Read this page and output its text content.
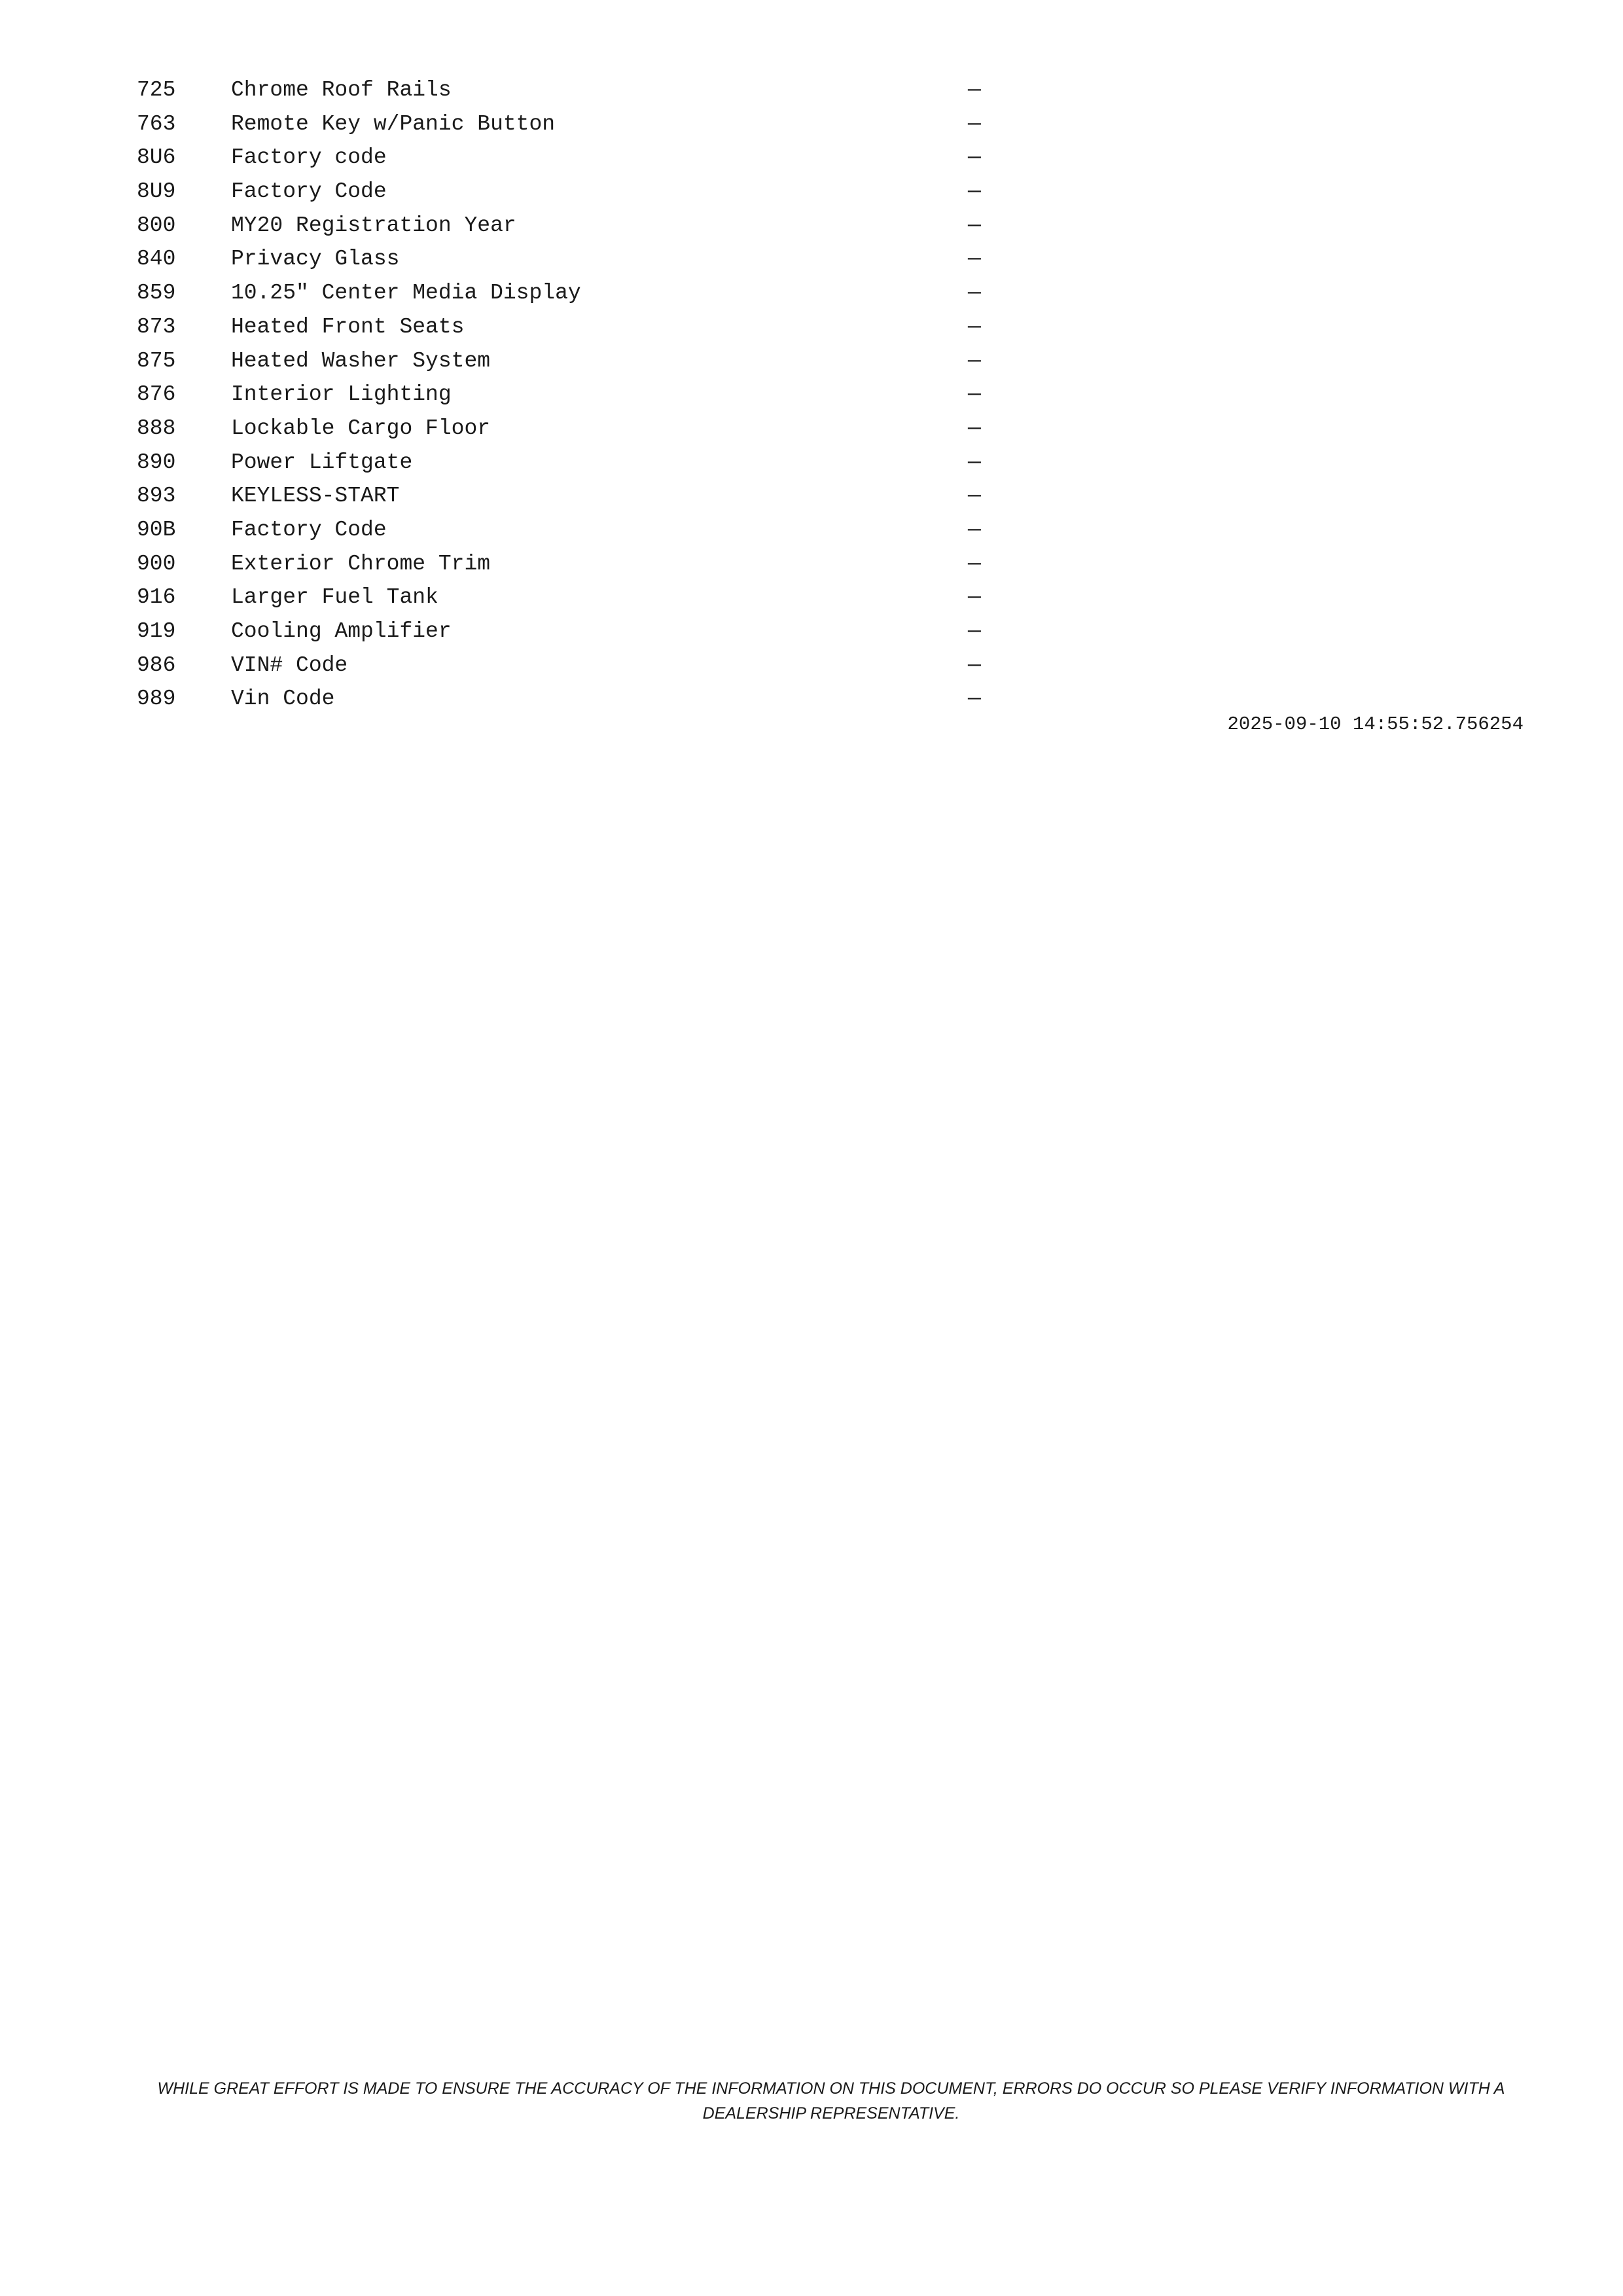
725	Chrome Roof Rails	—
763	Remote Key w/Panic Button	—
8U6	Factory code	—
8U9	Factory Code	—
800	MY20 Registration Year	—
840	Privacy Glass	—
859	10.25" Center Media Display	—
873	Heated Front Seats	—
875	Heated Washer System	—
876	Interior Lighting	—
888	Lockable Cargo Floor	—
890	Power Liftgate	—
893	KEYLESS-START	—
90B	Factory Code	—
900	Exterior Chrome Trim	—
916	Larger Fuel Tank	—
919	Cooling Amplifier	—
986	VIN# Code	—
989	Vin Code	—
2025-09-10 14:55:52.756254
WHILE GREAT EFFORT IS MADE TO ENSURE THE ACCURACY OF THE INFORMATION ON THIS DOCUMENT, ERRORS DO OCCUR SO PLEASE VERIFY INFORMATION WITH A DEALERSHIP REPRESENTATIVE.
